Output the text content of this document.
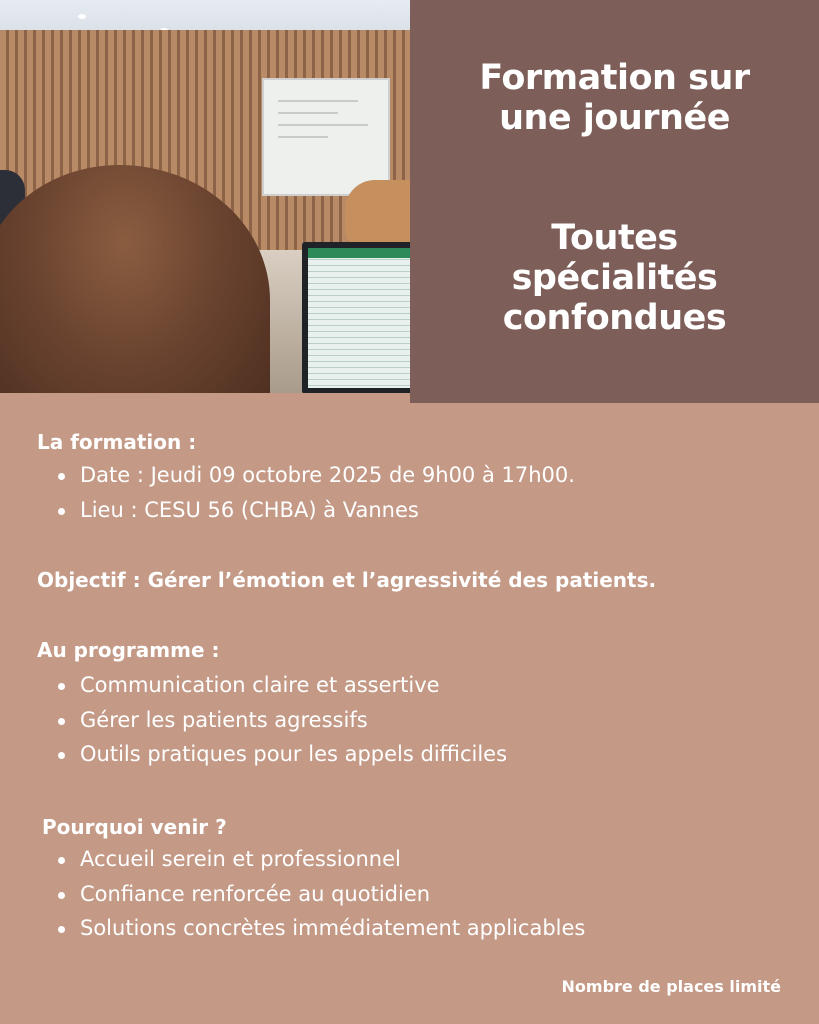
Formation sur
une journée
Toutes
spécialités
confondues
La formation :
Date : Jeudi 09 octobre 2025 de 9h00 à 17h00.
Lieu : CESU 56 (CHBA) à Vannes
Objectif : Gérer l’émotion et l’agressivité des patients.
Au programme :
Communication claire et assertive
Gérer les patients agressifs
Outils pratiques pour les appels difficiles
Pourquoi venir ?
Accueil serein et professionnel
Confiance renforcée au quotidien
Solutions concrètes immédiatement applicables
Nombre de places limité
